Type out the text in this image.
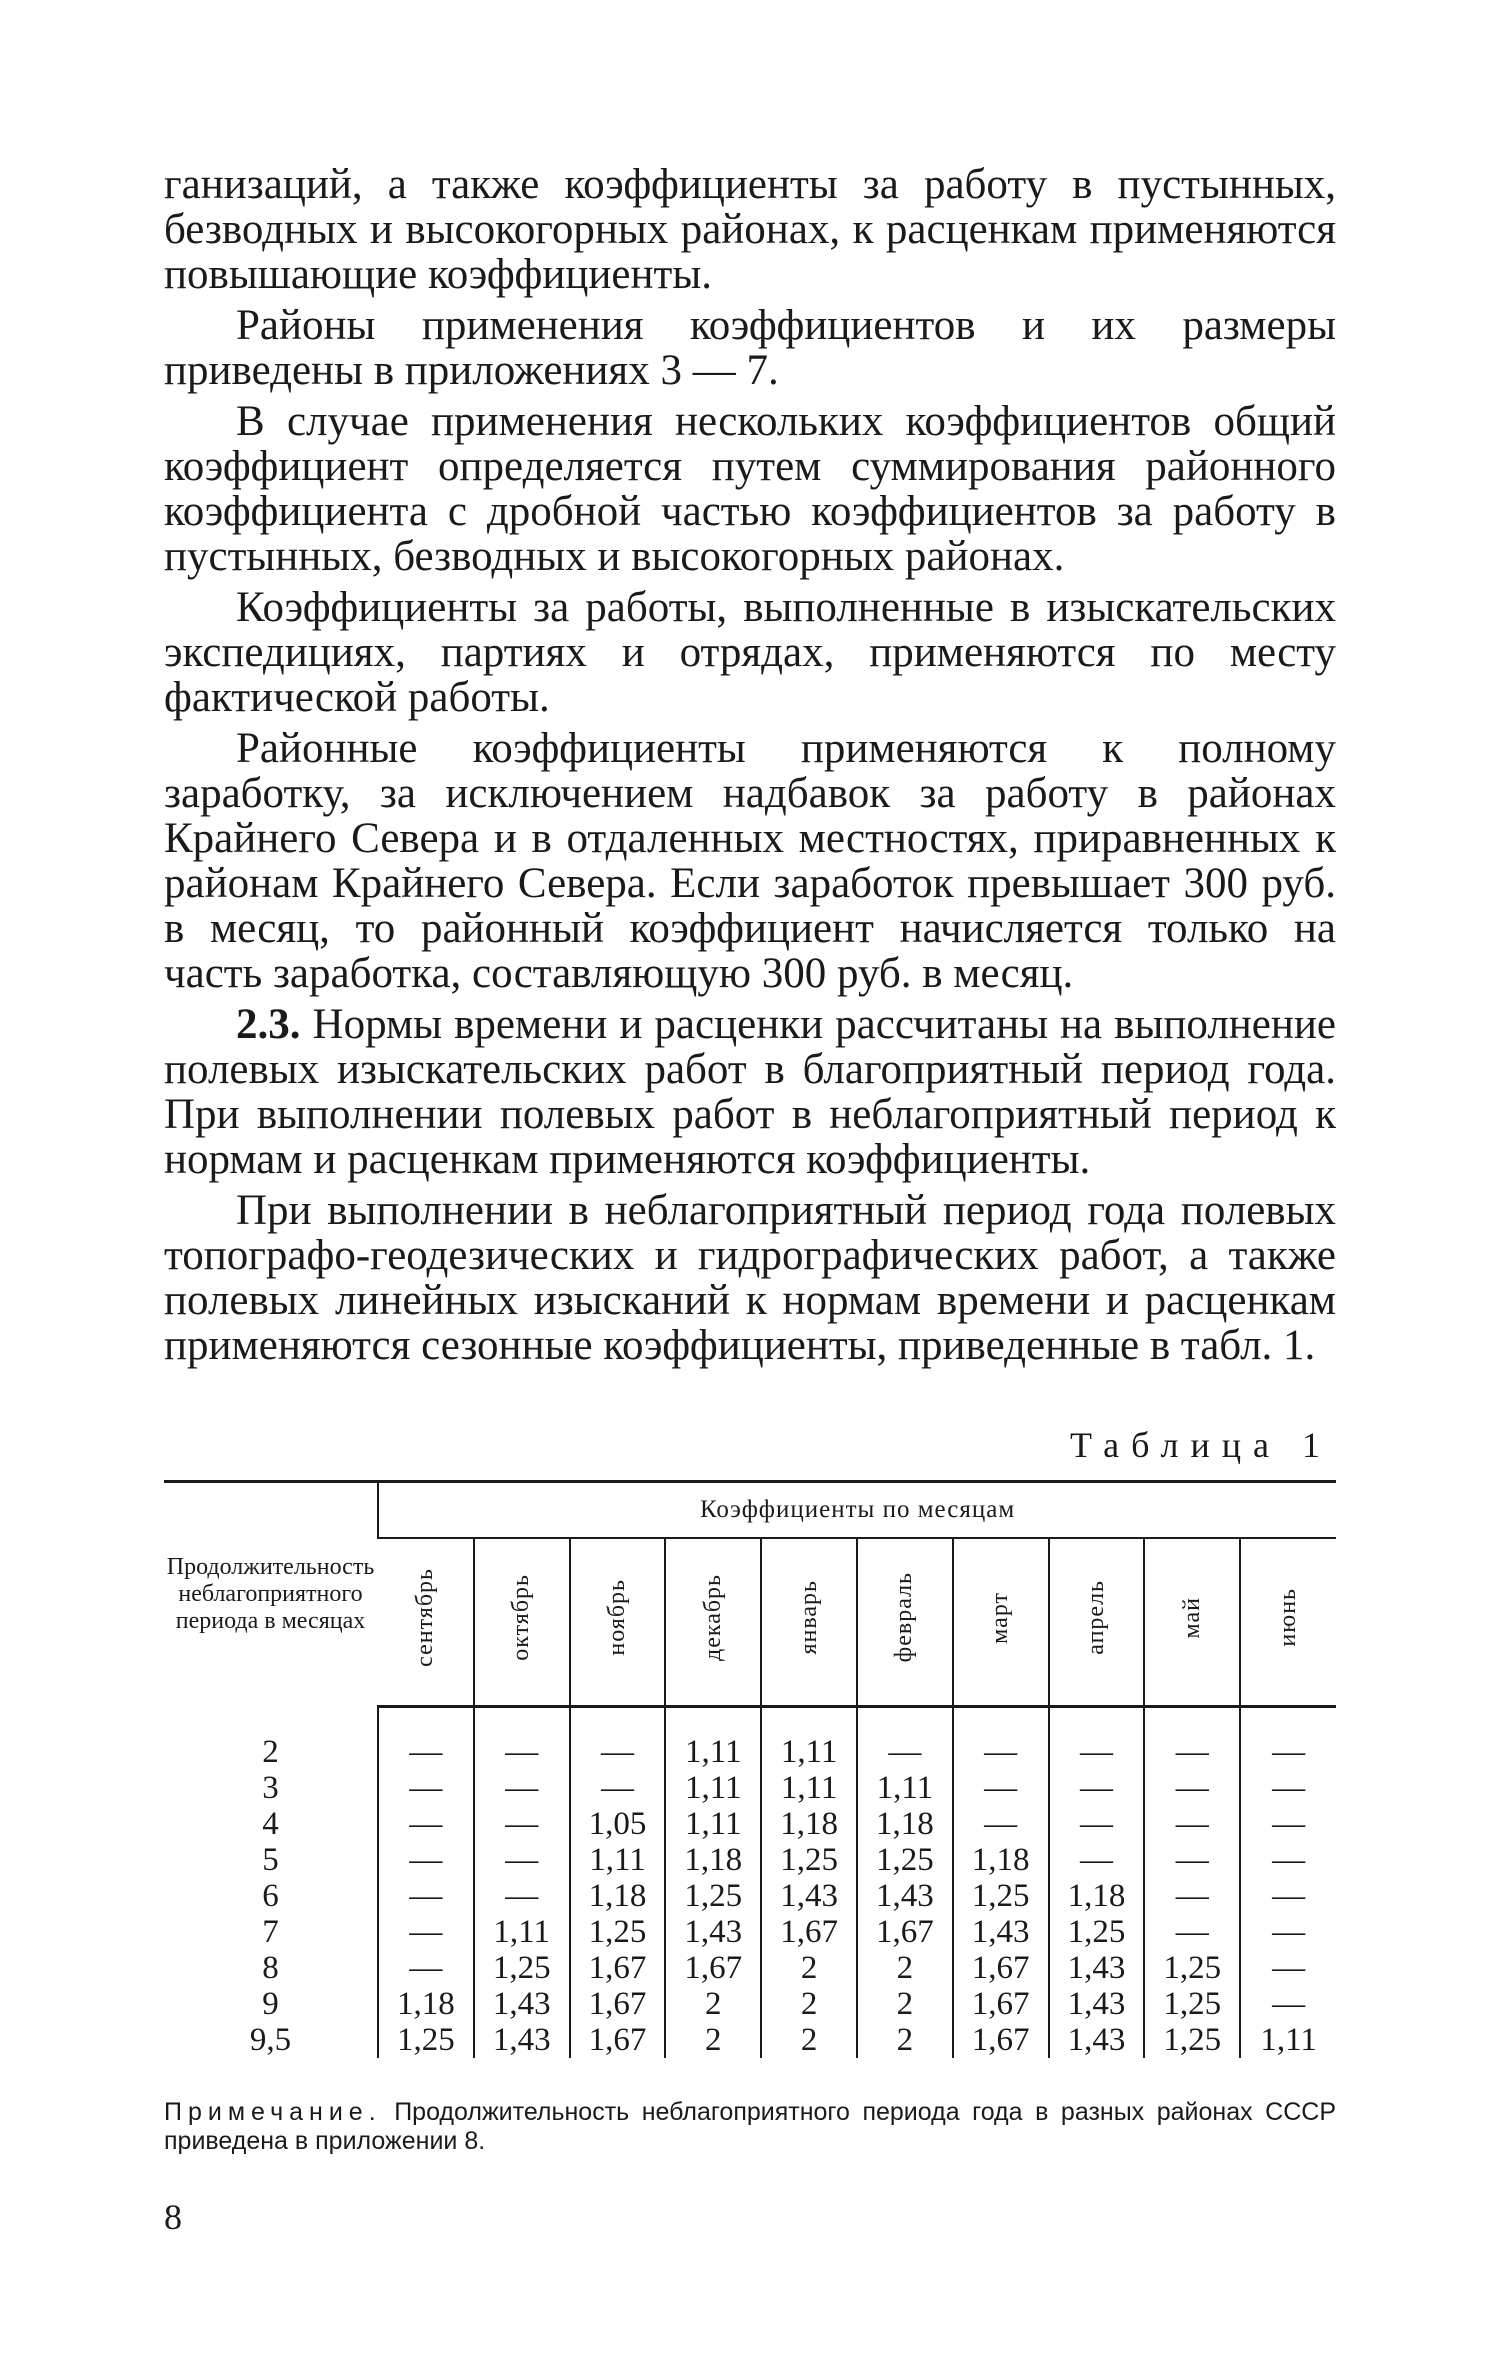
ганизаций, а также коэффициенты за работу в пустынных, безводных и высокогорных районах, к расценкам применяются повышающие коэффициенты.

Районы применения коэффициентов и их размеры приведены в приложениях 3 — 7.

В случае применения нескольких коэффициентов общий коэффициент определяется путем суммирования районного коэффициента с дробной частью коэффициентов за работу в пустынных, безводных и высокогорных районах.

Коэффициенты за работы, выполненные в изыскательских экспедициях, партиях и отрядах, применяются по месту фактической работы.

Районные коэффициенты применяются к полному заработку, за исключением надбавок за работу в районах Крайнего Севера и в отдаленных местностях, приравненных к районам Крайнего Севера. Если заработок превышает 300 руб. в месяц, то районный коэффициент начисляется только на часть заработка, составляющую 300 руб. в месяц.

2.3. Нормы времени и расценки рассчитаны на выполнение полевых изыскательских работ в благоприятный период года. При выполнении полевых работ в неблагоприятный период к нормам и расценкам применяются коэффициенты.

При выполнении в неблагоприятный период года полевых топографо-геодезических и гидрографических работ, а также полевых линейных изысканий к нормам времени и расценкам применяются сезонные коэффициенты, приведенные в табл. 1.

Таблица 1
Продолжительность неблагоприятного периода в месяцах	Коэффициенты по месяцам									
	сентябрь	октябрь	ноябрь	декабрь	январь	февраль	март	апрель	май	июнь

2	—	—	—	1,11	1,11	—	—	—	—	—
3	—	—	—	1,11	1,11	1,11	—	—	—	—
4	—	—	1,05	1,11	1,18	1,18	—	—	—	—
5	—	—	1,11	1,18	1,25	1,25	1,18	—	—	—
6	—	—	1,18	1,25	1,43	1,43	1,25	1,18	—	—
7	—	1,11	1,25	1,43	1,67	1,67	1,43	1,25	—	—
8	—	1,25	1,67	1,67	2	2	1,67	1,43	1,25	—
9	1,18	1,43	1,67	2	2	2	1,67	1,43	1,25	—
9,5	1,25	1,43	1,67	2	2	2	1,67	1,43	1,25	1,11
Примечание. Продолжительность неблагоприятного периода года в разных районах СССР приведена в приложении 8.
8
